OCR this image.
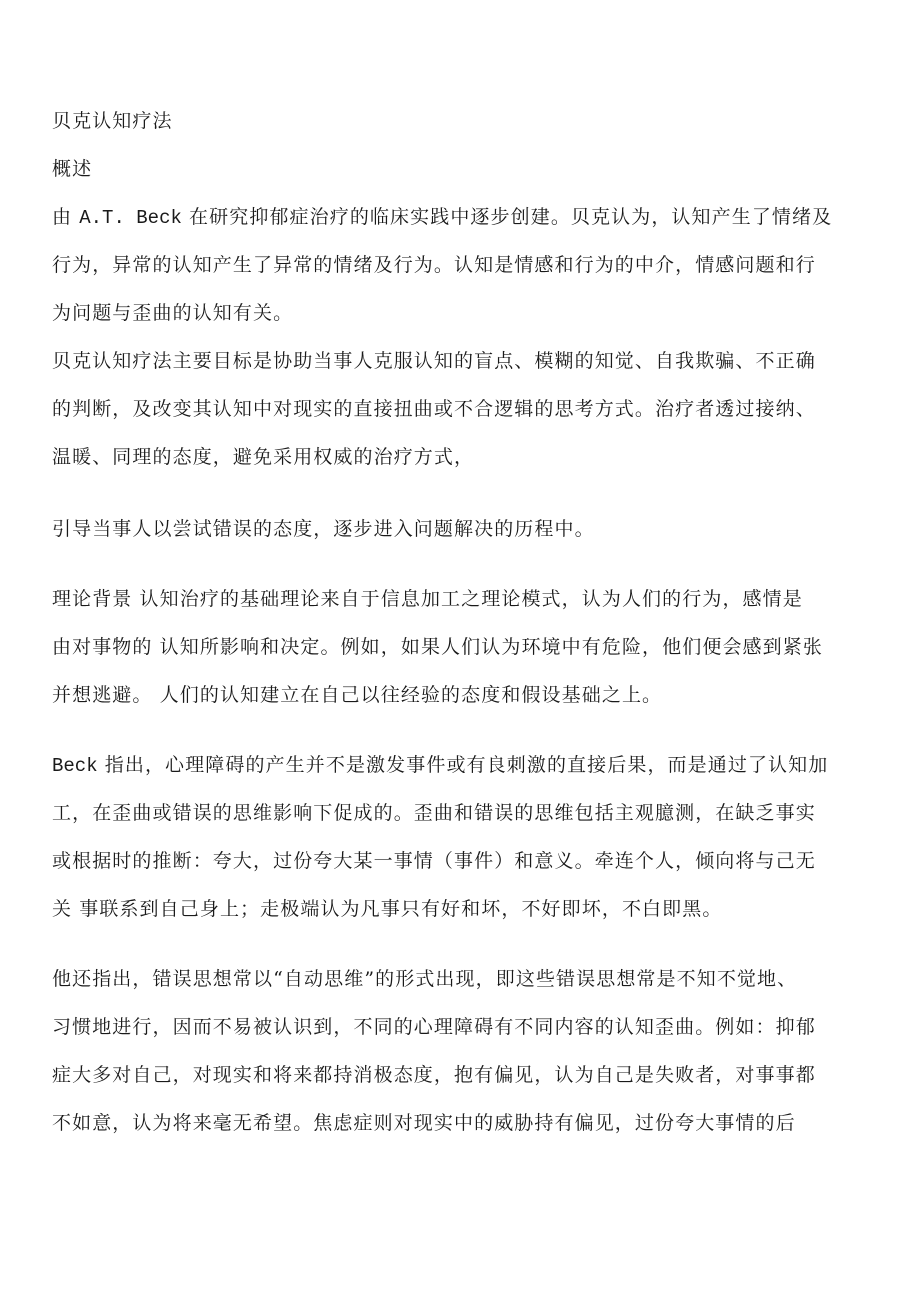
贝克认知疗法
概述
由 A.T. Beck 在研究抑郁症治疗的临床实践中逐步创建。贝克认为，认知产生了情绪及
行为，异常的认知产生了异常的情绪及行为。认知是情感和行为的中介，情感问题和行
为问题与歪曲的认知有关。
贝克认知疗法主要目标是协助当事人克服认知的盲点、模糊的知觉、自我欺骗、不正确
的判断，及改变其认知中对现实的直接扭曲或不合逻辑的思考方式。治疗者透过接纳、
温暖、同理的态度，避免采用权威的治疗方式，
引导当事人以尝试错误的态度，逐步进入问题解决的历程中。
理论背景 认知治疗的基础理论来自于信息加工之理论模式，认为人们的行为，感情是
由对事物的 认知所影响和决定。例如，如果人们认为环境中有危险，他们便会感到紧张
并想逃避。 人们的认知建立在自己以往经验的态度和假设基础之上。
Beck 指出，心理障碍的产生并不是激发事件或有良刺激的直接后果，而是通过了认知加
工，在歪曲或错误的思维影响下促成的。歪曲和错误的思维包括主观臆测，在缺乏事实
或根据时的推断：夸大，过份夸大某一事情（事件）和意义。牵连个人，倾向将与己无
关 事联系到自己身上；走极端认为凡事只有好和坏，不好即坏，不白即黑。
他还指出，错误思想常以“自动思维”的形式出现，即这些错误思想常是不知不觉地、
习惯地进行，因而不易被认识到，不同的心理障碍有不同内容的认知歪曲。例如：抑郁
症大多对自己，对现实和将来都持消极态度，抱有偏见，认为自己是失败者，对事事都
不如意，认为将来毫无希望。焦虑症则对现实中的威胁持有偏见，过份夸大事情的后
